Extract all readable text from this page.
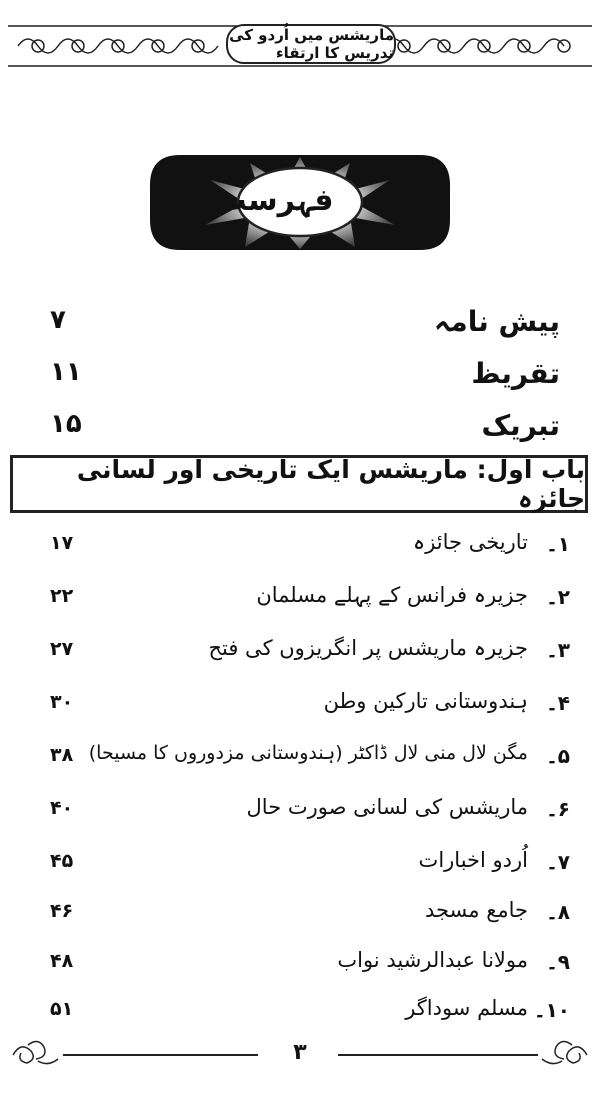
ماریشس میں اُردو کی تدریس کا ارتقاء
فہرست
پیش نامہ
۷
تقریظ
۱۱
تبریک
۱۵
باب اول: ماریشس ایک تاریخی اور لسانی جائزہ
۱۔
تاریخی جائزہ
۱۷
۲۔
جزیرہ فرانس کے پہلے مسلمان
۲۲
۳۔
جزیرہ ماریشس پر انگریزوں کی فتح
۲۷
۴۔
ہندوستانی تارکین وطن
۳۰
۵۔
مگن لال منی لال ڈاکٹر (ہندوستانی مزدوروں کا مسیحا)
۳۸
۶۔
ماریشس کی لسانی صورت حال
۴۰
۷۔
اُردو اخبارات
۴۵
۸۔
جامع مسجد
۴۶
۹۔
مولانا عبدالرشید نواب
۴۸
۱۰۔
مسلم سوداگر
۵۱
۳
